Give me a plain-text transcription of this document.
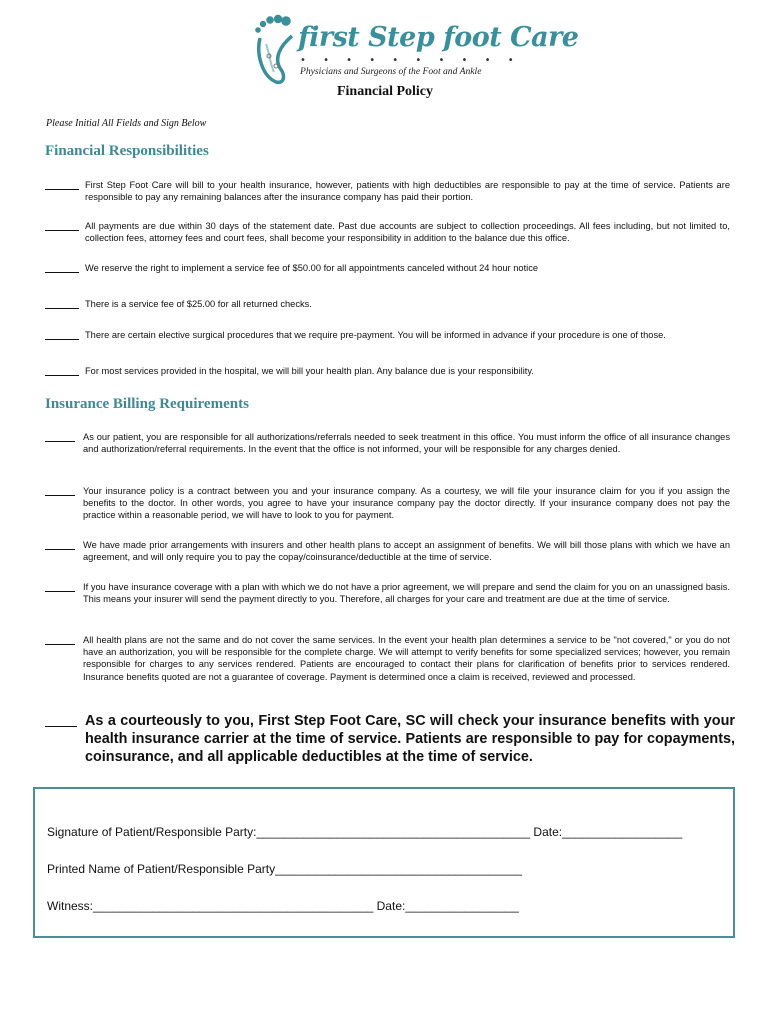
first Step foot Care
• • • • • • • • • •
Physicians and Surgeons of the Foot and Ankle
Financial Policy
Please Initial All Fields and Sign Below
Financial Responsibilities
First Step Foot Care will bill to your health insurance, however, patients with high deductibles are responsible to pay at the time of service. Patients are responsible to pay any remaining balances after the insurance company has paid their portion.
All payments are due within 30 days of the statement date. Past due accounts are subject to collection proceedings. All fees including, but not limited to, collection fees, attorney fees and court fees, shall become your responsibility in addition to the balance due this office.
We reserve the right to implement a service fee of $50.00 for all appointments canceled without 24 hour notice
There is a service fee of $25.00 for all returned checks.
There are certain elective surgical procedures that we require pre-payment. You will be informed in advance if your procedure is one of those.
For most services provided in the hospital, we will bill your health plan. Any balance due is your responsibility.
Insurance Billing Requirements
As our patient, you are responsible for all authorizations/referrals needed to seek treatment in this office. You must inform the office of all insurance changes and authorization/referral requirements. In the event that the office is not informed, your will be responsible for any charges denied.
Your insurance policy is a contract between you and your insurance company. As a courtesy, we will file your insurance claim for you if you assign the benefits to the doctor. In other words, you agree to have your insurance company pay the doctor directly. If your insurance company does not pay the practice within a reasonable period, we will have to look to you for payment.
We have made prior arrangements with insurers and other health plans to accept an assignment of benefits. We will bill those plans with which we have an agreement, and will only require you to pay the copay/coinsurance/deductible at the time of service.
If you have insurance coverage with a plan with which we do not have a prior agreement, we will prepare and send the claim for you on an unassigned basis. This means your insurer will send the payment directly to you. Therefore, all charges for your care and treatment are due at the time of service.
All health plans are not the same and do not cover the same services. In the event your health plan determines a service to be "not covered," or you do not have an authorization, you will be responsible for the complete charge. We will attempt to verify benefits for some specialized services; however, you remain responsible for charges to any services rendered. Patients are encouraged to contact their plans for clarification of benefits prior to services rendered. Insurance benefits quoted are not a guarantee of coverage. Payment is determined once a claim is received, reviewed and processed.
As a courteously to you, First Step Foot Care, SC will check your insurance benefits with your health insurance carrier at the time of service. Patients are responsible to pay for copayments, coinsurance, and all applicable deductibles at the time of service.
Signature of Patient/Responsible Party:_________________________________________ Date:__________________
Printed Name of Patient/Responsible Party_____________________________________
Witness:__________________________________________ Date:_________________
